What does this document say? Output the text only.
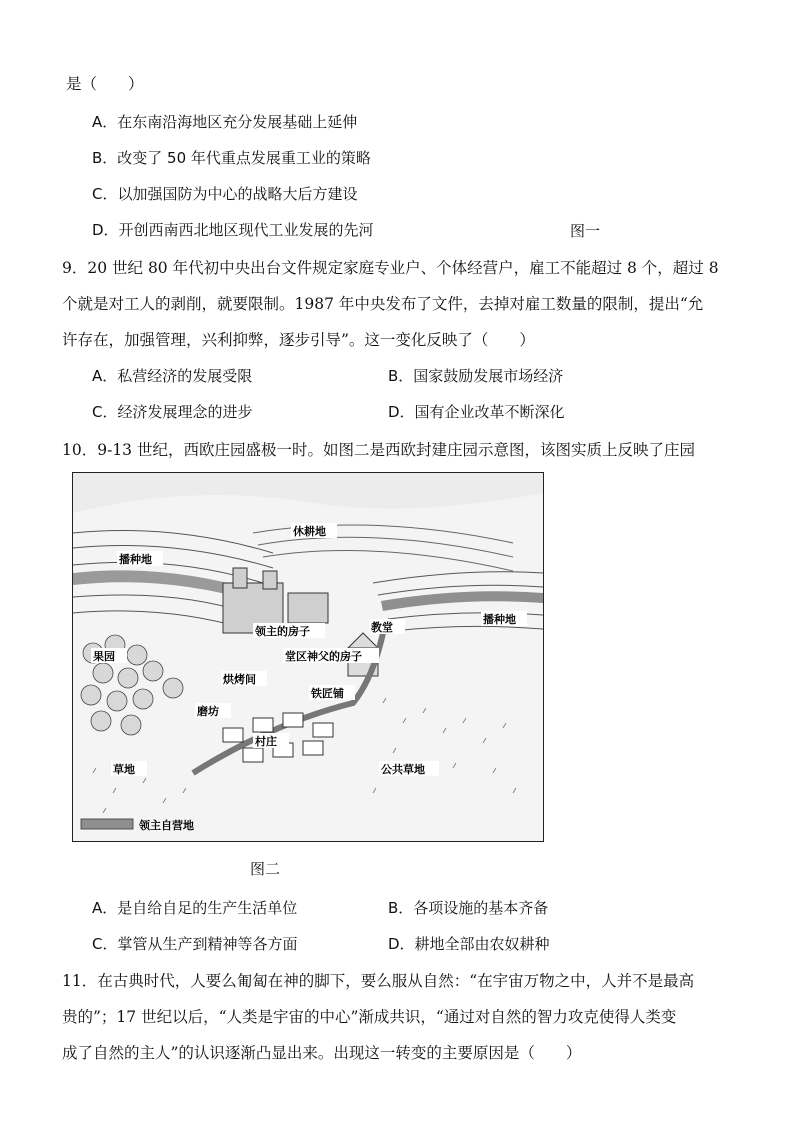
是（　　）
A．在东南沿海地区充分发展基础上延伸
B．改变了 50 年代重点发展重工业的策略
C．以加强国防为中心的战略大后方建设
D．开创西南西北地区现代工业发展的先河	图一
9．20 世纪 80 年代初中央出台文件规定家庭专业户、个体经营户，雇工不能超过 8 个，超过 8
个就是对工人的剥削，就要限制。1987 年中央发布了文件，去掉对雇工数量的限制，提出“允
许存在，加强管理，兴利抑弊，逐步引导”。这一变化反映了（　　）
A．私营经济的发展受限	B．国家鼓励发展市场经济
C．经济发展理念的进步	D．国有企业改革不断深化
10．9-13 世纪，西欧庄园盛极一时。如图二是西欧封建庄园示意图，该图实质上反映了庄园
播种地
休耕地
播种地
领主的房子	教堂
堂区神父的房子
果园
烘烤间
铁匠铺
磨坊
村庄
草地	公共草地
领主自营地
图二
A．是自给自足的生产生活单位	B．各项设施的基本齐备
C．掌管从生产到精神等各方面	D．耕地全部由农奴耕种
11．在古典时代，人要么匍匐在神的脚下，要么服从自然：“在宇宙万物之中，人并不是最高
贵的”；17 世纪以后，“人类是宇宙的中心”渐成共识，“通过对自然的智力攻克使得人类变
成了自然的主人”的认识逐渐凸显出来。出现这一转变的主要原因是（　　）
